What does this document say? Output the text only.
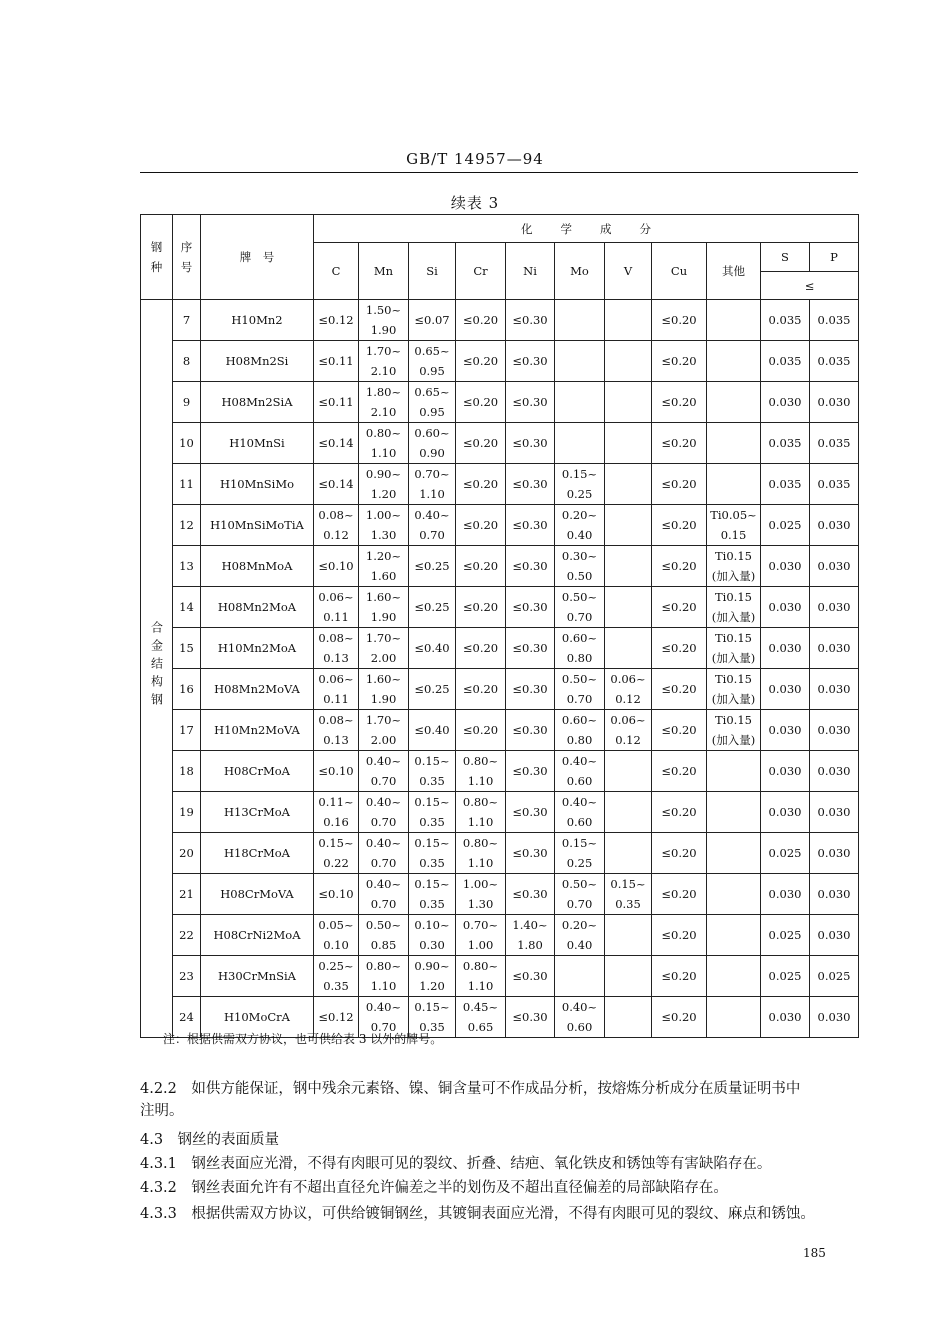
GB/T 14957—94
续表 3
钢
种	序
号	牌　号	化 学 成 分										
			C	Mn	Si	Cr	Ni	Mo	V	Cu	其他	S	P
												≤	
合金结构钢	7	H10Mn2	≤0.12	1.50~
1.90	≤0.07	≤0.20	≤0.30			≤0.20		0.035	0.035
	8	H08Mn2Si	≤0.11	1.70~
2.10	0.65~
0.95	≤0.20	≤0.30			≤0.20		0.035	0.035
	9	H08Mn2SiA	≤0.11	1.80~
2.10	0.65~
0.95	≤0.20	≤0.30			≤0.20		0.030	0.030
	10	H10MnSi	≤0.14	0.80~
1.10	0.60~
0.90	≤0.20	≤0.30			≤0.20		0.035	0.035
	11	H10MnSiMo	≤0.14	0.90~
1.20	0.70~
1.10	≤0.20	≤0.30	0.15~
0.25		≤0.20		0.035	0.035
	12	H10MnSiMoTiA	0.08~
0.12	1.00~
1.30	0.40~
0.70	≤0.20	≤0.30	0.20~
0.40		≤0.20	Ti0.05~
0.15	0.025	0.030
	13	H08MnMoA	≤0.10	1.20~
1.60	≤0.25	≤0.20	≤0.30	0.30~
0.50		≤0.20	Ti0.15
(加入量)	0.030	0.030
	14	H08Mn2MoA	0.06~
0.11	1.60~
1.90	≤0.25	≤0.20	≤0.30	0.50~
0.70		≤0.20	Ti0.15
(加入量)	0.030	0.030
	15	H10Mn2MoA	0.08~
0.13	1.70~
2.00	≤0.40	≤0.20	≤0.30	0.60~
0.80		≤0.20	Ti0.15
(加入量)	0.030	0.030
	16	H08Mn2MoVA	0.06~
0.11	1.60~
1.90	≤0.25	≤0.20	≤0.30	0.50~
0.70	0.06~
0.12	≤0.20	Ti0.15
(加入量)	0.030	0.030
	17	H10Mn2MoVA	0.08~
0.13	1.70~
2.00	≤0.40	≤0.20	≤0.30	0.60~
0.80	0.06~
0.12	≤0.20	Ti0.15
(加入量)	0.030	0.030
	18	H08CrMoA	≤0.10	0.40~
0.70	0.15~
0.35	0.80~
1.10	≤0.30	0.40~
0.60		≤0.20		0.030	0.030
	19	H13CrMoA	0.11~
0.16	0.40~
0.70	0.15~
0.35	0.80~
1.10	≤0.30	0.40~
0.60		≤0.20		0.030	0.030
	20	H18CrMoA	0.15~
0.22	0.40~
0.70	0.15~
0.35	0.80~
1.10	≤0.30	0.15~
0.25		≤0.20		0.025	0.030
	21	H08CrMoVA	≤0.10	0.40~
0.70	0.15~
0.35	1.00~
1.30	≤0.30	0.50~
0.70	0.15~
0.35	≤0.20		0.030	0.030
	22	H08CrNi2MoA	0.05~
0.10	0.50~
0.85	0.10~
0.30	0.70~
1.00	1.40~
1.80	0.20~
0.40		≤0.20		0.025	0.030
	23	H30CrMnSiA	0.25~
0.35	0.80~
1.10	0.90~
1.20	0.80~
1.10	≤0.30			≤0.20		0.025	0.025
	24	H10MoCrA	≤0.12	0.40~
0.70	0.15~
0.35	0.45~
0.65	≤0.30	0.40~
0.60		≤0.20		0.030	0.030
注：根据供需双方协议，也可供给表 3 以外的牌号。
4.2.2　如供方能保证，钢中残余元素铬、镍、铜含量可不作成品分析，按熔炼分析成分在质量证明书中
注明。
4.3　钢丝的表面质量
4.3.1　钢丝表面应光滑，不得有肉眼可见的裂纹、折叠、结疤、氧化铁皮和锈蚀等有害缺陷存在。
4.3.2　钢丝表面允许有不超出直径允许偏差之半的划伤及不超出直径偏差的局部缺陷存在。
4.3.3　根据供需双方协议，可供给镀铜钢丝，其镀铜表面应光滑，不得有肉眼可见的裂纹、麻点和锈蚀。
185
